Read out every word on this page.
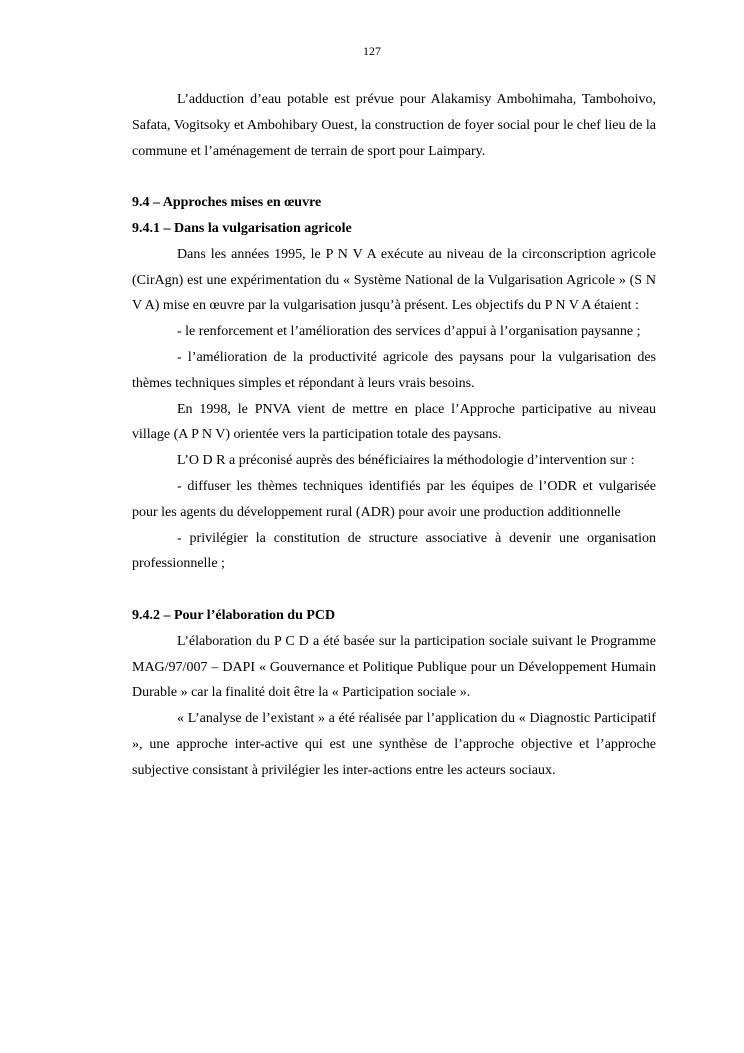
127

L’adduction d’eau potable est prévue pour Alakamisy Ambohimaha, Tambohoivo, Safata, Vogitsoky et Ambohibary Ouest, la construction de foyer social pour le chef lieu de la commune et l’aménagement de terrain de sport pour Laimpary.

9.4 – Approches mises en œuvre
9.4.1 – Dans la vulgarisation agricole

Dans les années 1995, le P N V A exécute au niveau de la circonscription agricole (CirAgn) est une expérimentation du « Système National de la Vulgarisation Agricole » (S N V A) mise en œuvre par la vulgarisation jusqu’à présent. Les objectifs du P N V A étaient :

- le renforcement et l’amélioration des services d’appui à l’organisation paysanne ;

- l’amélioration de la productivité agricole des paysans pour la vulgarisation des thèmes techniques simples et répondant à leurs vrais besoins.

En 1998, le PNVA vient de mettre en place l’Approche participative au niveau village (A P N V) orientée vers la participation totale des paysans.

L’O D R a préconisé auprès des bénéficiaires la méthodologie d’intervention sur :

- diffuser les thèmes techniques identifiés par les équipes de l’ODR et vulgarisée pour les agents du développement rural (ADR) pour avoir une production additionnelle

- privilégier la constitution de structure associative à devenir une organisation professionnelle ;

9.4.2 – Pour l’élaboration du PCD

L’élaboration du P C D a été basée sur la participation sociale suivant le Programme MAG/97/007 – DAPI « Gouvernance et Politique Publique pour un Développement Humain Durable » car la finalité doit être la « Participation sociale ».

« L’analyse de l’existant » a été réalisée par l’application du « Diagnostic Participatif », une approche inter-active qui est une synthèse de l’approche objective et l’approche subjective consistant à privilégier les inter-actions entre les acteurs sociaux.
